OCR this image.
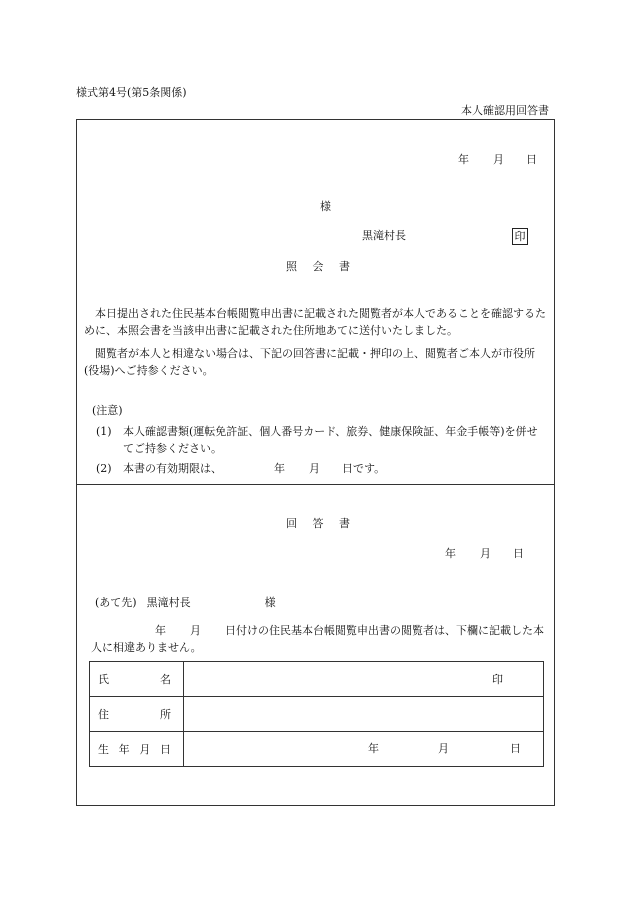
様式第4号(第5条関係)
本人確認用回答書
年 月 日
様
黒滝村長	印
照 会 書
本日提出された住民基本台帳閲覧申出書に記載された閲覧者が本人であることを確認するために、本照会書を当該申出書に記載された住所地あてに送付いたしました。
閲覧者が本人と相違ない場合は、下記の回答書に記載・押印の上、閲覧者ご本人が市役所(役場)へご持参ください。
(注意)
(1) 本人確認書類(運転免許証、個人番号カード、旅券、健康保険証、年金手帳等)を併せてご持参ください。
(2) 本書の有効期限は、	年 月 日です。
回 答 書
年 月 日
(あて先) 黒滝村長	様
年 月	日付けの住民基本台帳閲覧申出書の閲覧者は、下欄に記載した本人に相違ありません。
氏 名	印

住 所	

生 年 月 日	年 月 日
